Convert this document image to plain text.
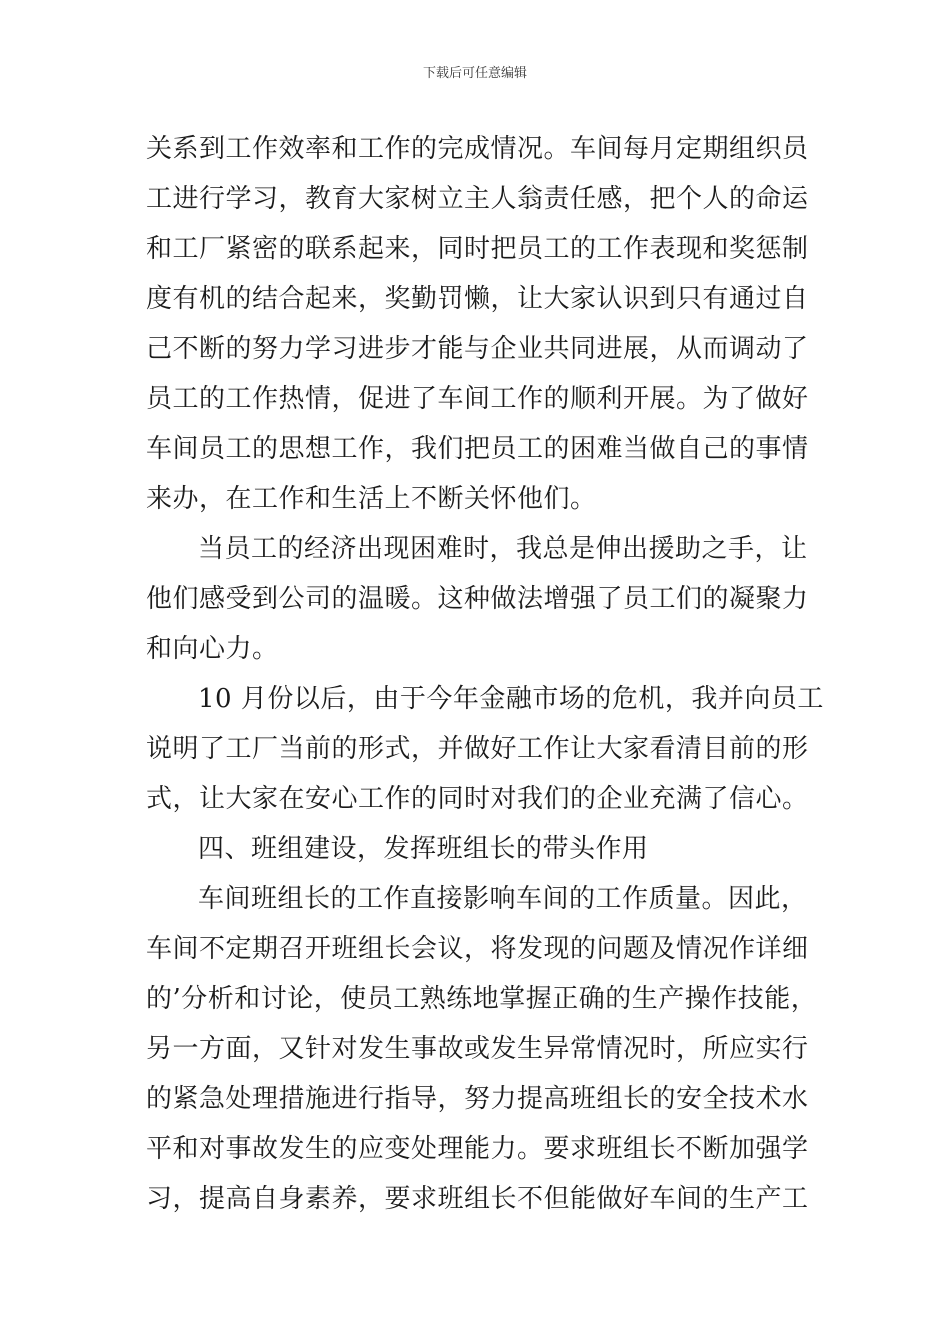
下载后可任意编辑
关系到工作效率和工作的完成情况。车间每月定期组织员
工进行学习，教育大家树立主人翁责任感，把个人的命运
和工厂紧密的联系起来，同时把员工的工作表现和奖惩制
度有机的结合起来，奖勤罚懒，让大家认识到只有通过自
己不断的努力学习进步才能与企业共同进展，从而调动了
员工的工作热情，促进了车间工作的顺利开展。为了做好
车间员工的思想工作，我们把员工的困难当做自己的事情
来办，在工作和生活上不断关怀他们。
当员工的经济出现困难时，我总是伸出援助之手，让
他们感受到公司的温暖。这种做法增强了员工们的凝聚力
和向心力。
10 月份以后，由于今年金融市场的危机，我并向员工
说明了工厂当前的形式，并做好工作让大家看清目前的形
式，让大家在安心工作的同时对我们的企业充满了信心。
四、班组建设，发挥班组长的带头作用
车间班组长的工作直接影响车间的工作质量。因此，
车间不定期召开班组长会议，将发现的问题及情况作详细
的’分析和讨论，使员工熟练地掌握正确的生产操作技能，
另一方面，又针对发生事故或发生异常情况时，所应实行
的紧急处理措施进行指导，努力提高班组长的安全技术水
平和对事故发生的应变处理能力。要求班组长不断加强学
习，提高自身素养，要求班组长不但能做好车间的生产工
